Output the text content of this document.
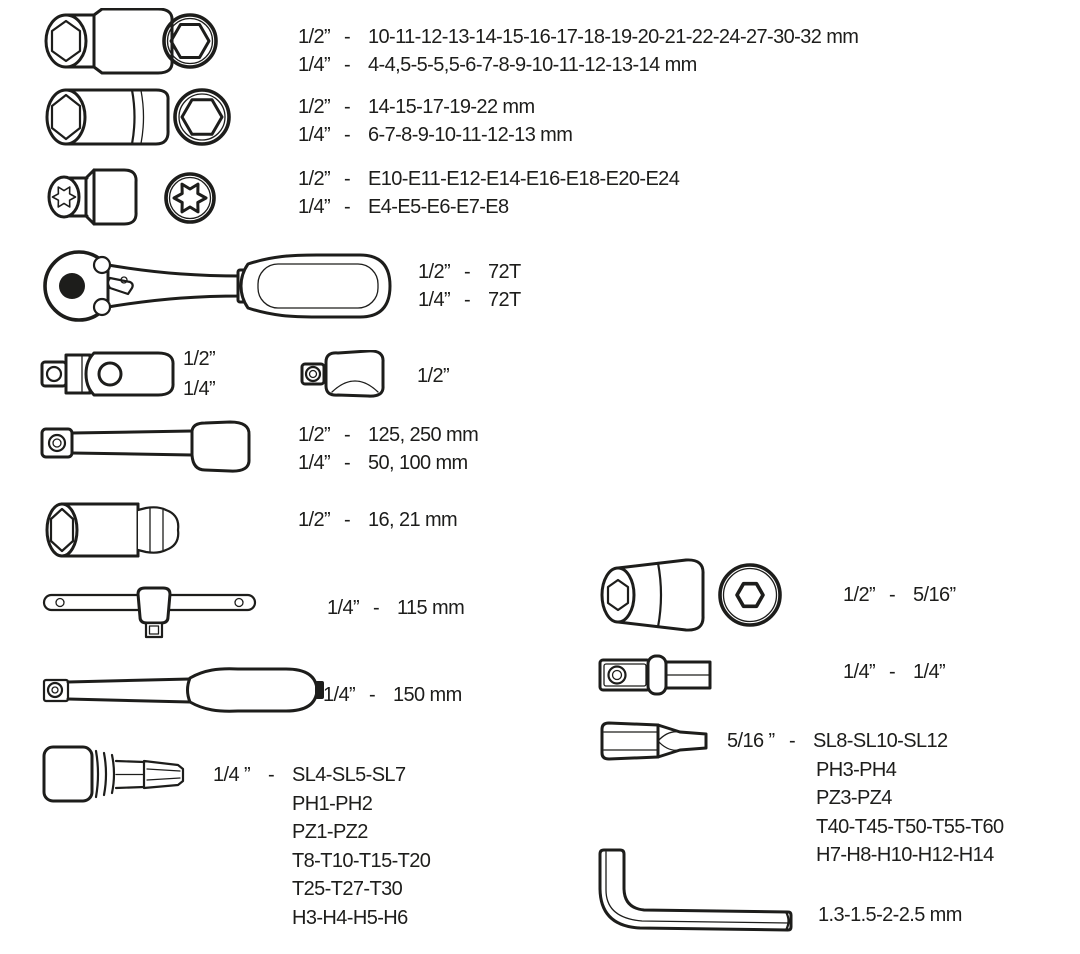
1/2” - 10-11-12-13-14-15-16-17-18-19-20-21-22-24-27-30-32 mm
1/4” - 4-4,5-5-5,5-6-7-8-9-10-11-12-13-14 mm
1/2” - 14-15-17-19-22 mm
1/4” - 6-7-8-9-10-11-12-13 mm
1/2” - E10-E11-E12-E14-E16-E18-E20-E24
1/4” - E4-E5-E6-E7-E8
1/2” - 72T
1/4” - 72T
1/2”
1/4”
1/2”
1/2” - 125, 250 mm
1/4” - 50, 100 mm
1/2” - 16, 21 mm
1/4” - 115 mm
1/4” - 150 mm
1/4 ” - SL4-SL5-SL7
PH1-PH2
PZ1-PZ2
T8-T10-T15-T20
T25-T27-T30
H3-H4-H5-H6
1/2” - 5/16”
1/4” - 1/4”
5/16 ” - SL8-SL10-SL12
PH3-PH4
PZ3-PZ4
T40-T45-T50-T55-T60
H7-H8-H10-H12-H14
1.3-1.5-2-2.5 mm
